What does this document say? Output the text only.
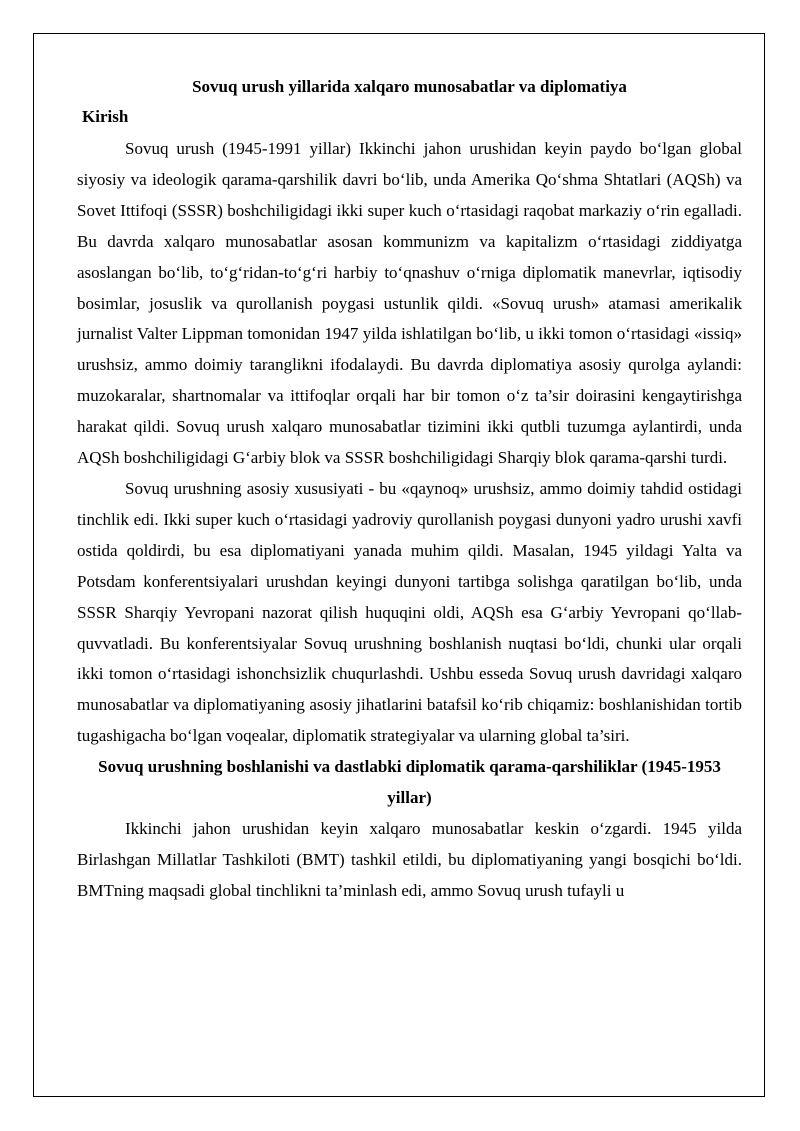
Sovuq urush yillarida xalqaro munosabatlar va diplomatiya
Kirish

Sovuq urush (1945-1991 yillar) Ikkinchi jahon urushidan keyin paydo bo‘lgan global siyosiy va ideologik qarama-qarshilik davri bo‘lib, unda Amerika Qo‘shma Shtatlari (AQSh) va Sovet Ittifoqi (SSSR) boshchiligidagi ikki super kuch o‘rtasidagi raqobat markaziy o‘rin egalladi. Bu davrda xalqaro munosabatlar asosan kommunizm va kapitalizm o‘rtasidagi ziddiyatga asoslangan bo‘lib, to‘g‘ridan-to‘g‘ri harbiy to‘qnashuv o‘rniga diplomatik manevrlar, iqtisodiy bosimlar, josuslik va qurollanish poygasi ustunlik qildi. «Sovuq urush» atamasi amerikalik jurnalist Valter Lippman tomonidan 1947 yilda ishlatilgan bo‘lib, u ikki tomon o‘rtasidagi «issiq» urushsiz, ammo doimiy taranglikni ifodalaydi. Bu davrda diplomatiya asosiy qurolga aylandi: muzokaralar, shartnomalar va ittifoqlar orqali har bir tomon o‘z ta’sir doirasini kengaytirishga harakat qildi. Sovuq urush xalqaro munosabatlar tizimini ikki qutbli tuzumga aylantirdi, unda AQSh boshchiligidagi G‘arbiy blok va SSSR boshchiligidagi Sharqiy blok qarama-qarshi turdi.

Sovuq urushning asosiy xususiyati - bu «qaynoq» urushsiz, ammo doimiy tahdid ostidagi tinchlik edi. Ikki super kuch o‘rtasidagi yadroviy qurollanish poygasi dunyoni yadro urushi xavfi ostida qoldirdi, bu esa diplomatiyani yanada muhim qildi. Masalan, 1945 yildagi Yalta va Potsdam konferentsiyalari urushdan keyingi dunyoni tartibga solishga qaratilgan bo‘lib, unda SSSR Sharqiy Yevropani nazorat qilish huquqini oldi, AQSh esa G‘arbiy Yevropani qo‘llab-quvvatladi. Bu konferentsiyalar Sovuq urushning boshlanish nuqtasi bo‘ldi, chunki ular orqali ikki tomon o‘rtasidagi ishonchsizlik chuqurlashdi. Ushbu esseda Sovuq urush davridagi xalqaro munosabatlar va diplomatiyaning asosiy jihatlarini batafsil ko‘rib chiqamiz: boshlanishidan tortib tugashigacha bo‘lgan voqealar, diplomatik strategiyalar va ularning global ta’siri.

Sovuq urushning boshlanishi va dastlabki diplomatik qarama-qarshiliklar (1945-1953 yillar)

Ikkinchi jahon urushidan keyin xalqaro munosabatlar keskin o‘zgardi. 1945 yilda Birlashgan Millatlar Tashkiloti (BMT) tashkil etildi, bu diplomatiyaning yangi bosqichi bo‘ldi. BMTning maqsadi global tinchlikni ta’minlash edi, ammo Sovuq urush tufayli u
